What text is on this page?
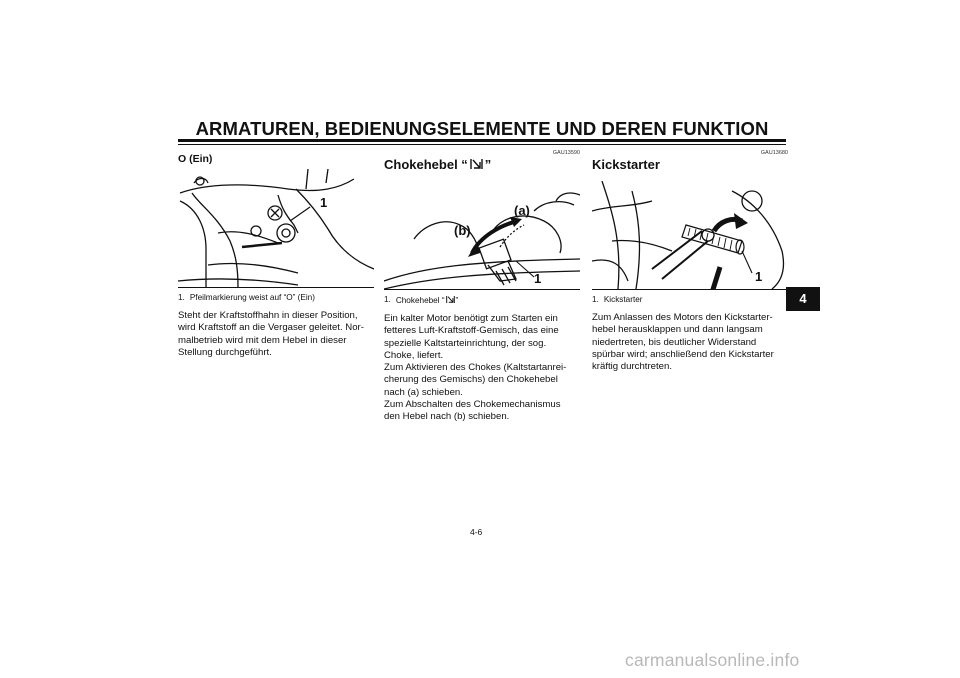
ARMATUREN, BEDIENUNGSELEMENTE UND DEREN FUNKTION
4
O (Ein)
1
1. Pfeilmarkierung weist auf “O” (Ein)

Steht der Kraftstoffhahn in dieser Position,

wird Kraftstoff an die Vergaser geleitet. Nor-

malbetrieb wird mit dem Hebel in dieser

Stellung durchgeführt.

GAU13590
Chokehebel “ ”
(a)
(b)
1
1. Chokehebel “ ”

Ein kalter Motor benötigt zum Starten ein

fetteres Luft-Kraftstoff-Gemisch, das eine

spezielle Kaltstarteinrichtung, der sog.

Choke, liefert.

Zum Aktivieren des Chokes (Kaltstartanrei-

cherung des Gemischs) den Chokehebel

nach (a) schieben.

Zum Abschalten des Chokemechanismus

den Hebel nach (b) schieben.

GAU13680
Kickstarter
1
1. Kickstarter

Zum Anlassen des Motors den Kickstarter-

hebel herausklappen und dann langsam

niedertreten, bis deutlicher Widerstand

spürbar wird; anschließend den Kickstarter

kräftig durchtreten.

4-6
carmanualsonline.info
